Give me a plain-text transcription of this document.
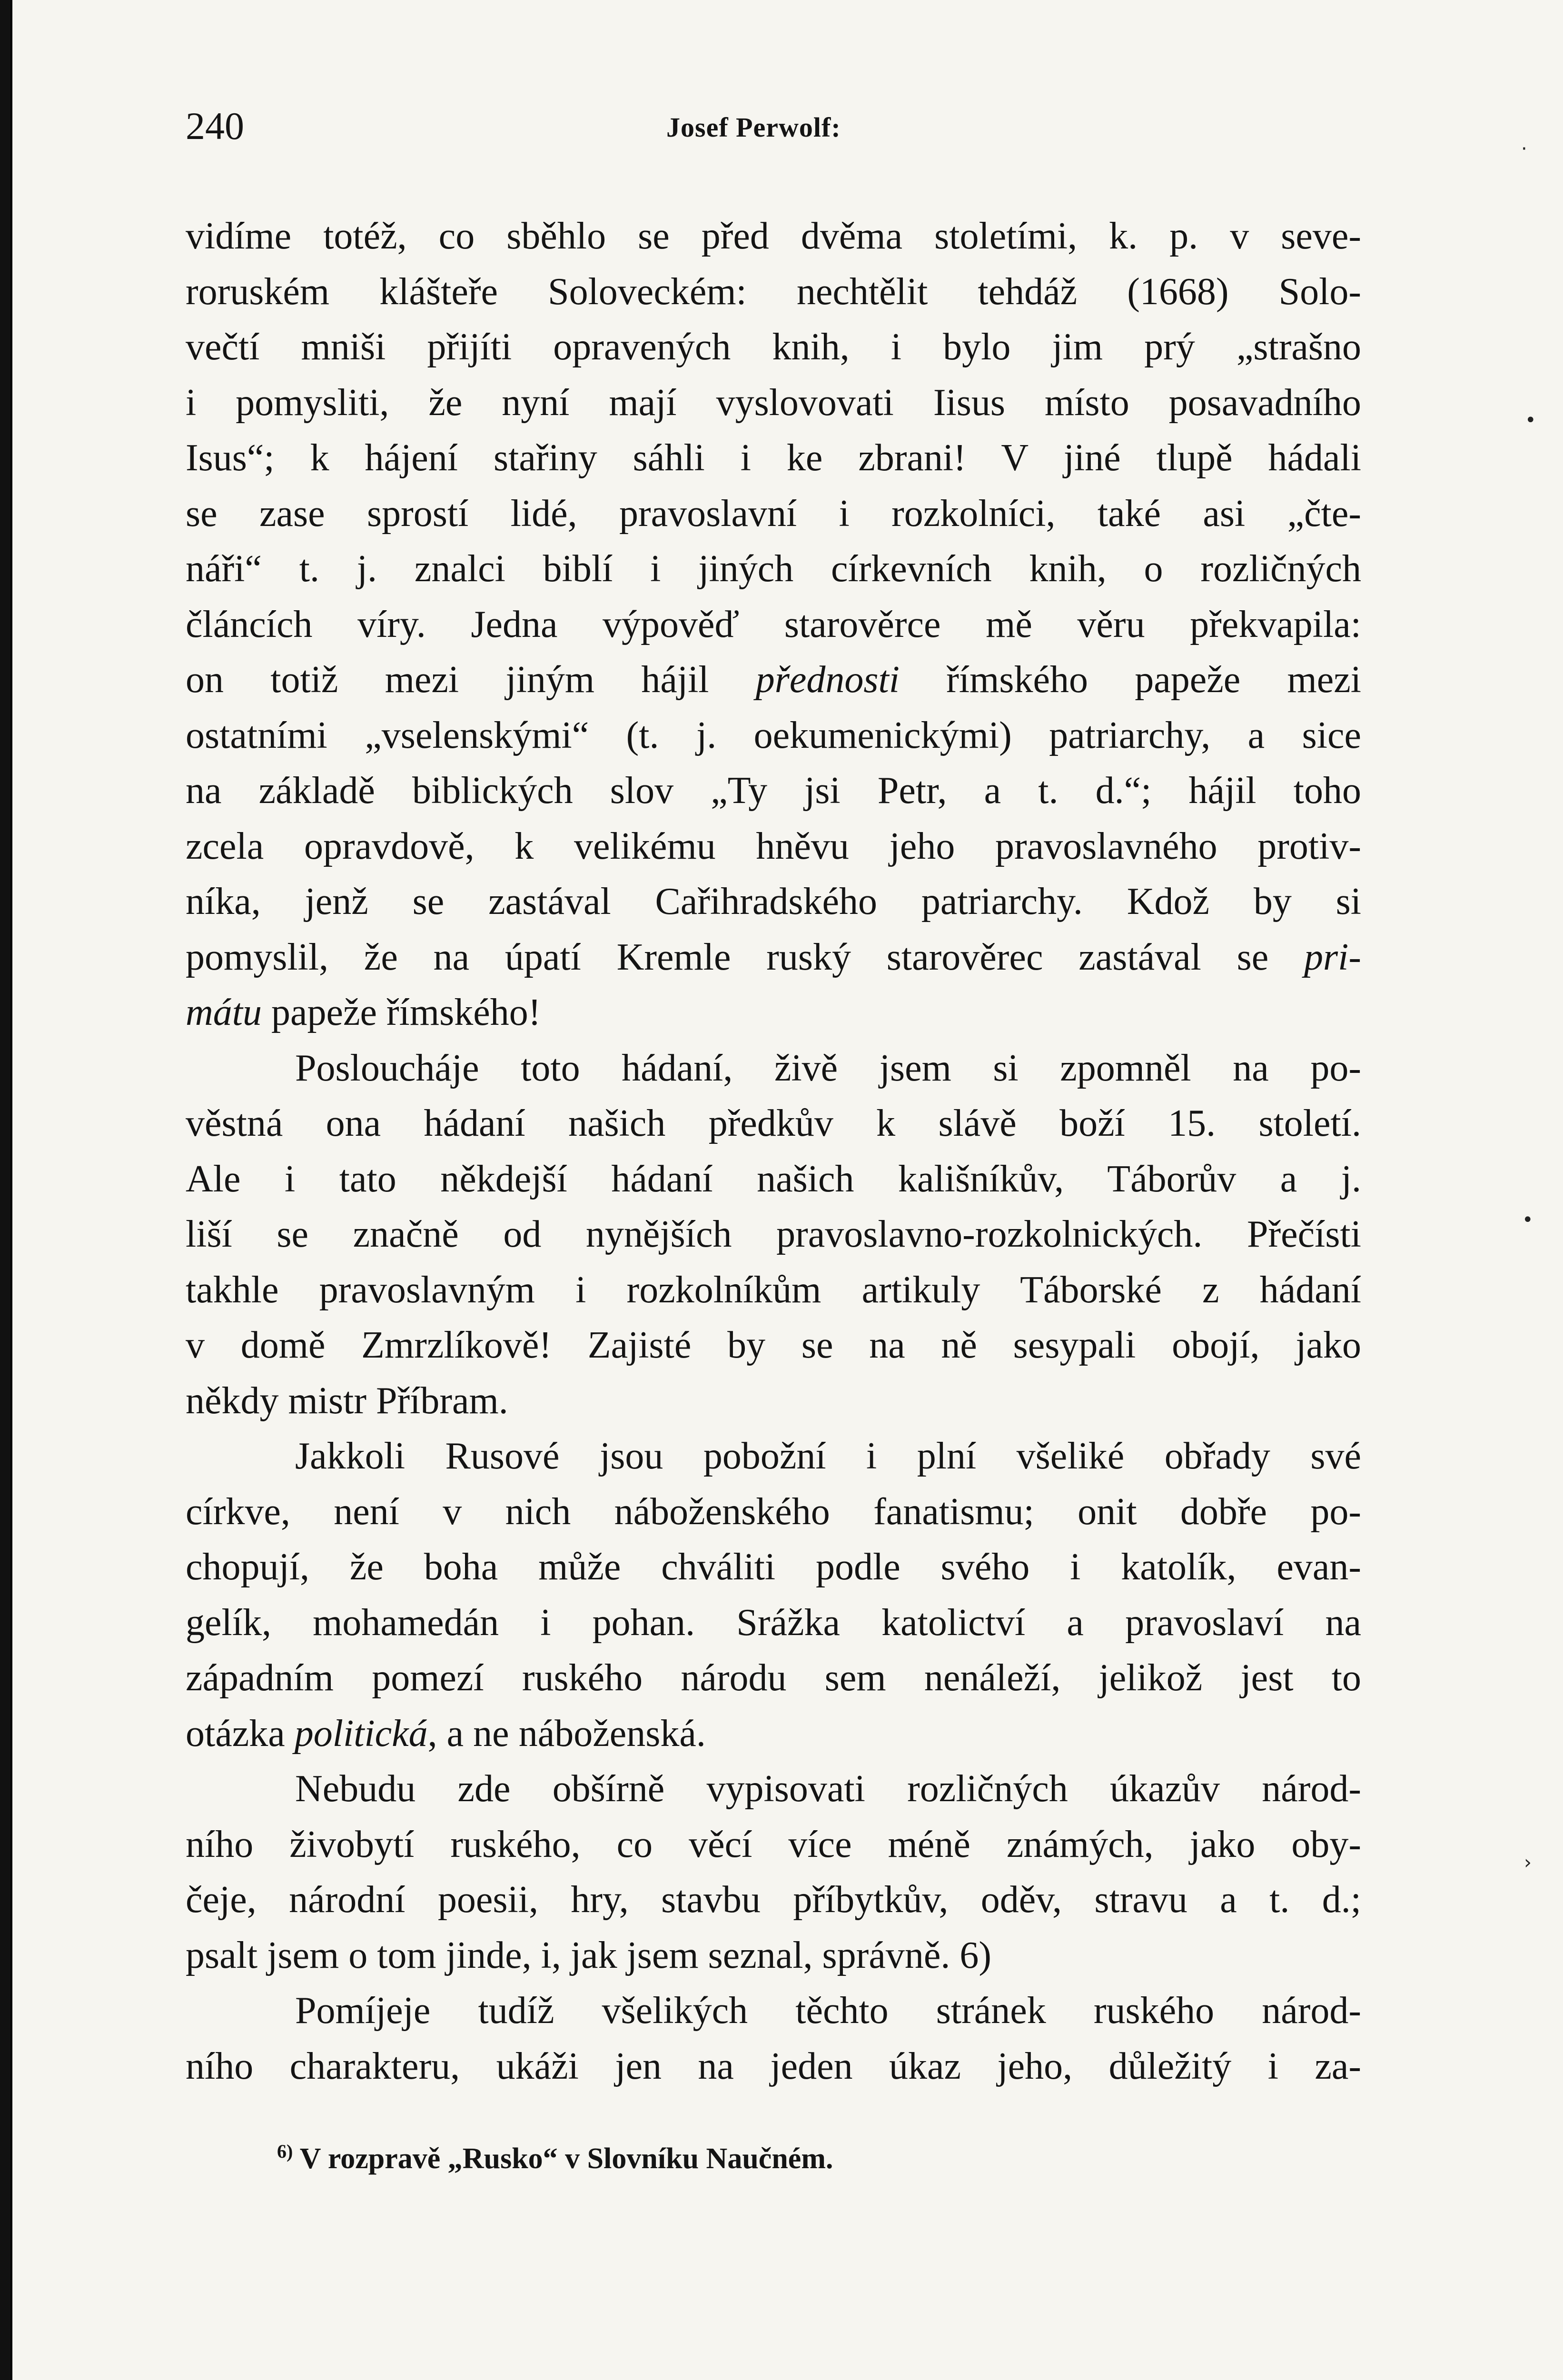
240	Josef Perwolf:

vidíme totéž, co sběhlo se před dvěma stoletími, k. p. v seve-
roruském klášteře Soloveckém: nechtělit tehdáž (1668) Solo-
večtí mniši přijíti opravených knih, i bylo jim prý „strašno
i pomysliti, že nyní mají vyslovovati Iisus místo posavadního
Isus“; k hájení stařiny sáhli i ke zbrani! V jiné tlupě hádali
se zase sprostí lidé, pravoslavní i rozkolníci, také asi „čte-
náři“ t. j. znalci biblí i jiných církevních knih, o rozličných
článcích víry. Jedna výpověď starověrce mě věru překvapila:
on totiž mezi jiným hájil přednosti římského papeže mezi
ostatními „vselenskými“ (t. j. oekumenickými) patriarchy, a sice
na základě biblických slov „Ty jsi Petr, a t. d.“; hájil toho
zcela opravdově, k velikému hněvu jeho pravoslavného protiv-
níka, jenž se zastával Cařihradského patriarchy. Kdož by si
pomyslil, že na úpatí Kremle ruský starověrec zastával se pri-
mátu papeže římského!

Posloucháje toto hádaní, živě jsem si zpomněl na po-
věstná ona hádaní našich předkův k slávě boží 15. století.
Ale i tato někdejší hádaní našich kališníkův, Táborův a j.
liší se značně od nynějších pravoslavno-rozkolnických. Přečísti
takhle pravoslavným i rozkolníkům artikuly Táborské z hádaní
v domě Zmrzlíkově! Zajisté by se na ně sesypali obojí, jako
někdy mistr Příbram.

Jakkoli Rusové jsou pobožní i plní všeliké obřady své
církve, není v nich náboženského fanatismu; onit dobře po-
chopují, že boha může chváliti podle svého i katolík, evan-
gelík, mohamedán i pohan. Srážka katolictví a pravoslaví na
západním pomezí ruského národu sem nenáleží, jelikož jest to
otázka politická, a ne náboženská.

Nebudu zde obšírně vypisovati rozličných úkazův národ-
ního živobytí ruského, co věcí více méně známých, jako oby-
čeje, národní poesii, hry, stavbu příbytkův, oděv, stravu a t. d.;
psalt jsem o tom jinde, i, jak jsem seznal, správně. 6)

Pomíjeje tudíž všelikých těchto stránek ruského národ-
ního charakteru, ukáži jen na jeden úkaz jeho, důležitý i za-

$^{6)}$ V rozpravě „Rusko“ v Slovníku Naučném.
·
•
•
›
